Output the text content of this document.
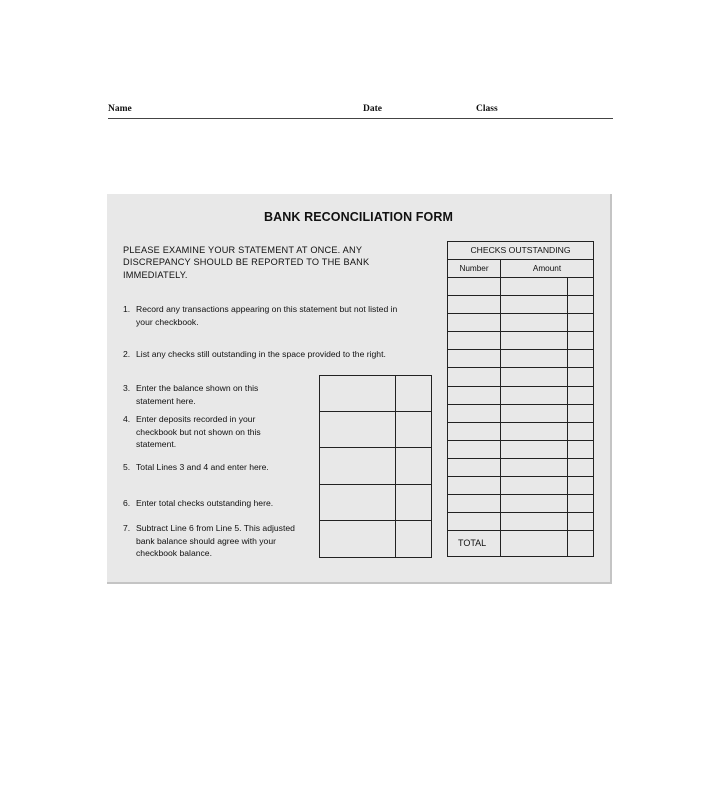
Name	Date	Class
BANK RECONCILIATION FORM
PLEASE EXAMINE YOUR STATEMENT AT ONCE. ANY DISCREPANCY SHOULD BE REPORTED TO THE BANK IMMEDIATELY.
1. Record any transactions appearing on this statement but not listed in your checkbook.
2. List any checks still outstanding in the space provided to the right.
3. Enter the balance shown on this statement here.
4. Enter deposits recorded in your checkbook but not shown on this statement.
5. Total Lines 3 and 4 and enter here.
6. Enter total checks outstanding here.
7. Subtract Line 6 from Line 5. This adjusted bank balance should agree with your checkbook balance.
CHECKS OUTSTANDING
Number	Amount
TOTAL
